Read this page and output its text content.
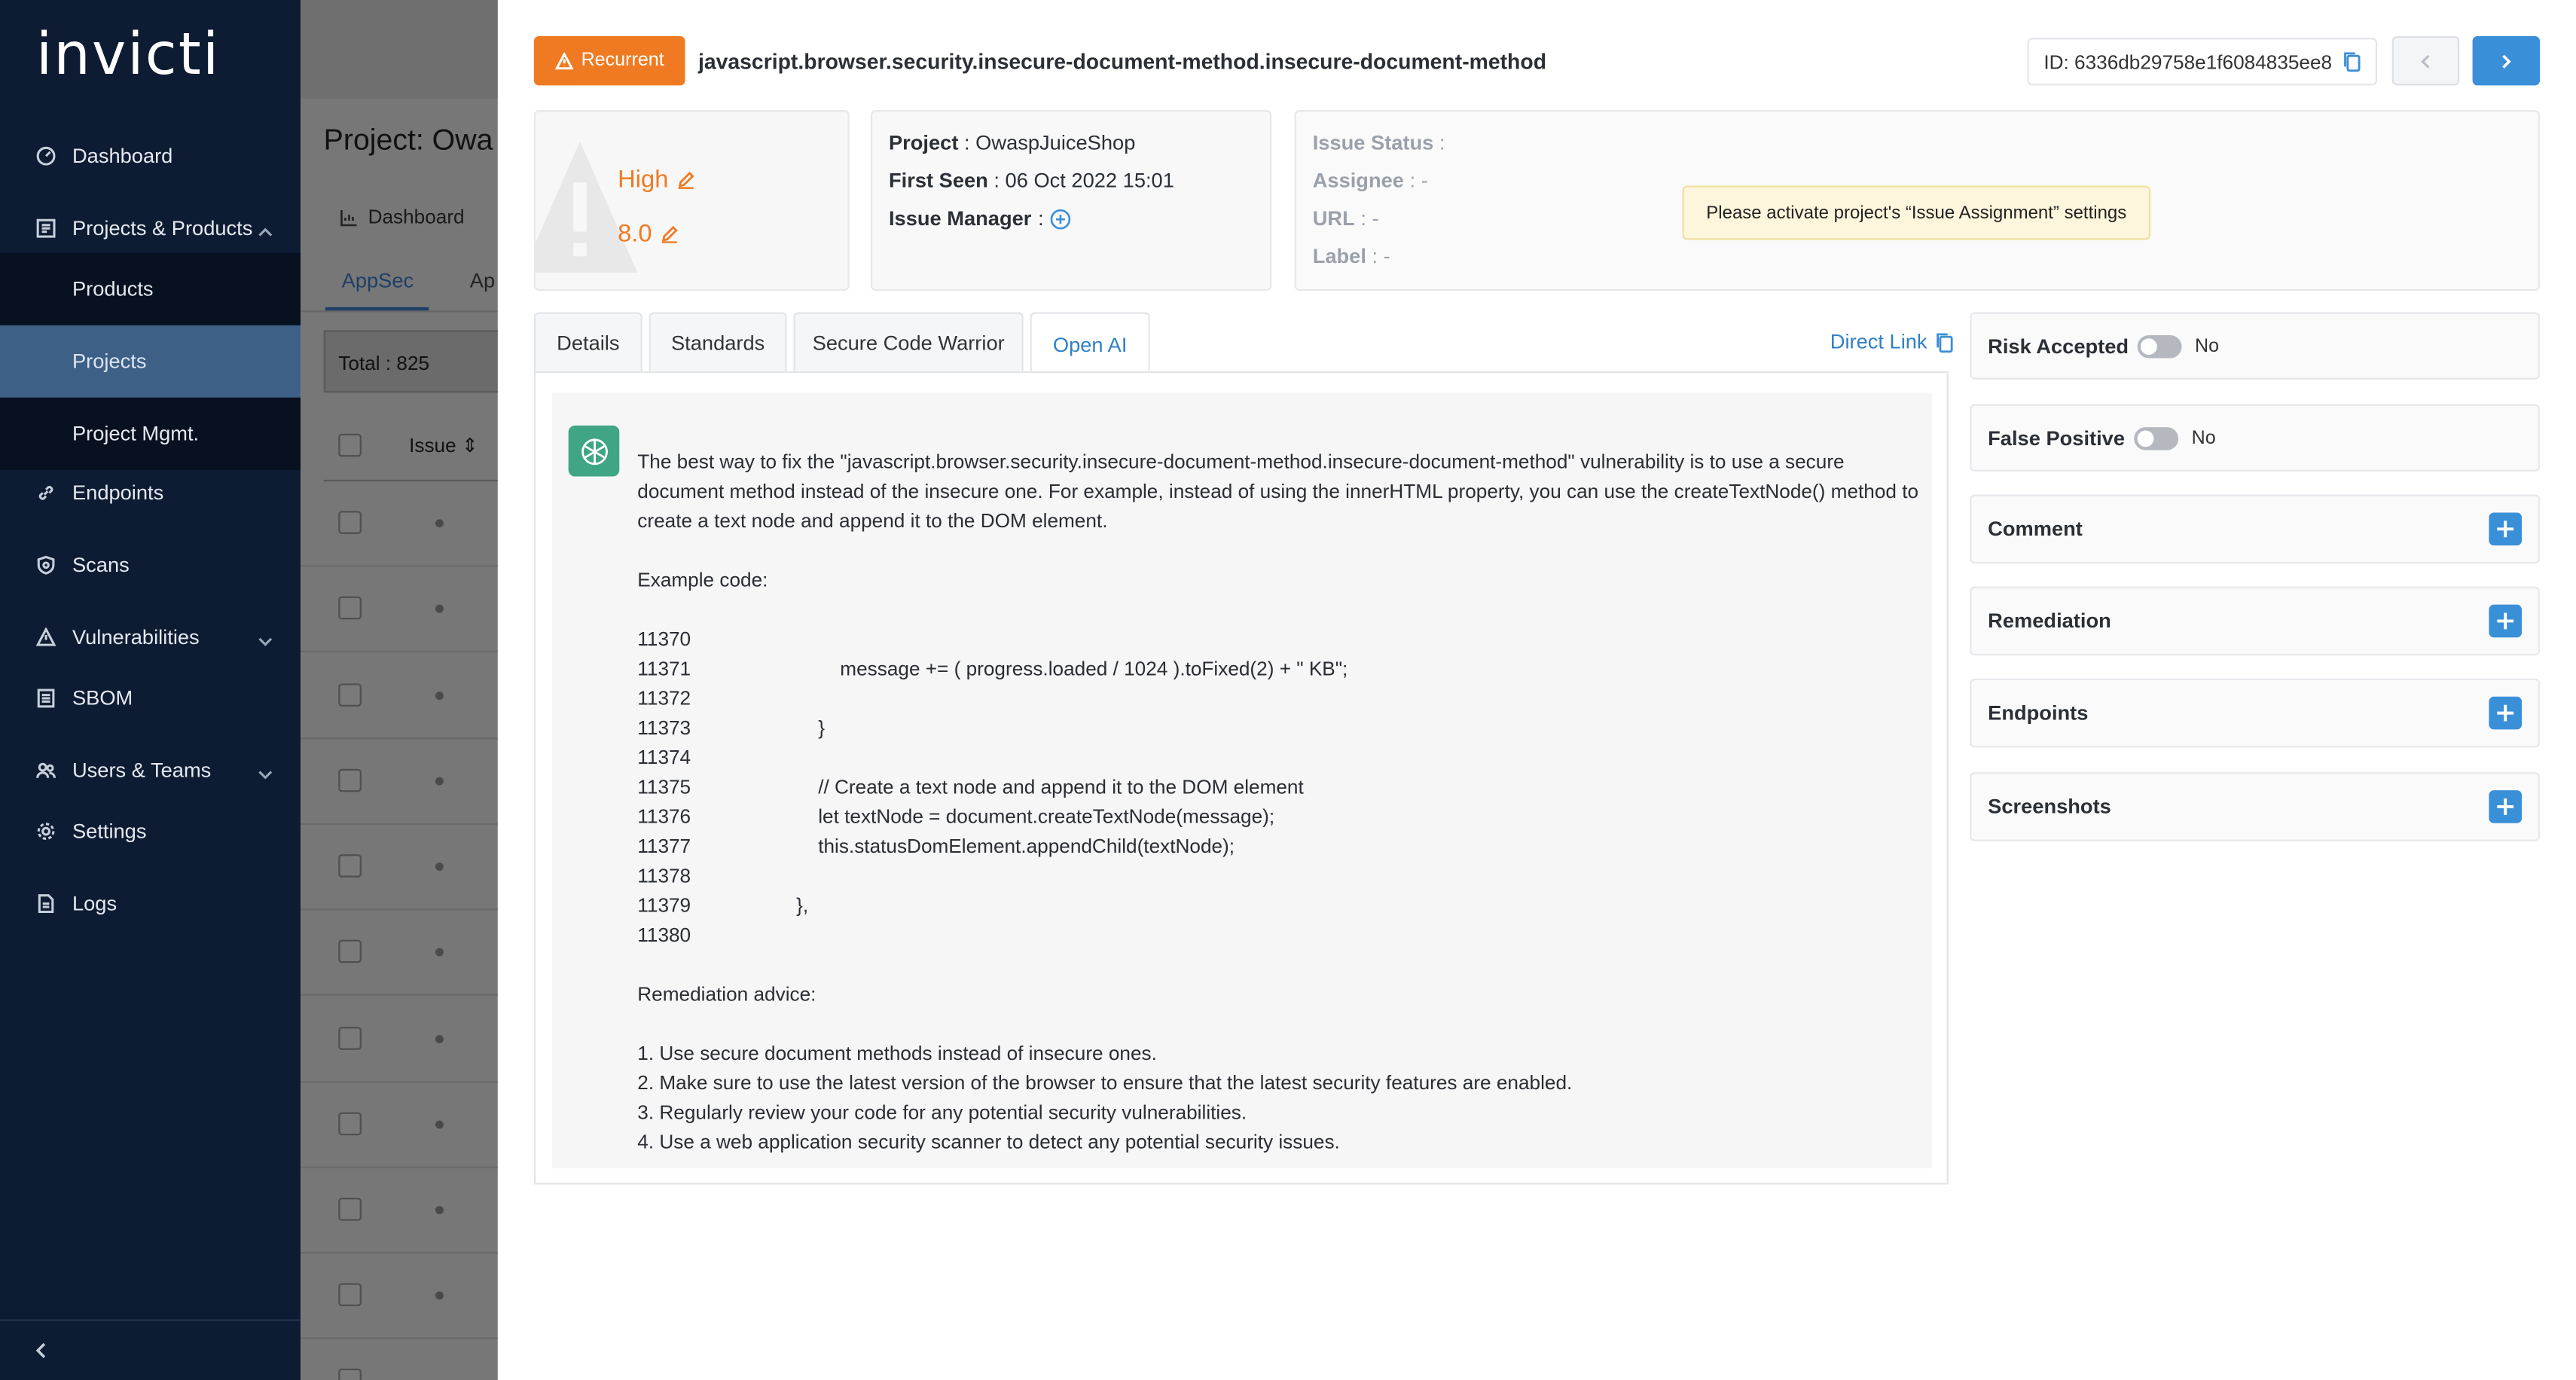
invicti
Dashboard
Projects & Products
Products
Projects
Project Mgmt.
Endpoints
Scans
Vulnerabilities
SBOM
Users & Teams
Settings
Logs
Project: Owa
Dashboard
AppSec	Ap
Total : 825
Issue ⇕
Recurrent	javascript.browser.security.insecure-document-method.insecure-document-method	ID: 6336db29758e1f6084835ee8
High
8.0
Project : OwaspJuiceShop
First Seen : 06 Oct 2022 15:01
Issue Manager :
Issue Status :
Assignee : -
URL : -
Label : -
Please activate project's “Issue Assignment” settings
Details	Standards	Secure Code Warrior	Open AI	Direct Link

The best way to fix the "javascript.browser.security.insecure-document-method.insecure-document-method" vulnerability is to use a secure

document method instead of the insecure one. For example, instead of using the innerHTML property, you can use the createTextNode() method to

create a text node and append it to the DOM element.

Example code:

11370
11371	message += ( progress.loaded / 1024 ).toFixed(2) + " KB";
11372
11373	}
11374
11375	// Create a text node and append it to the DOM element
11376	let textNode = document.createTextNode(message);
11377	this.statusDomElement.appendChild(textNode);
11378
11379	},
11380

Remediation advice:

1. Use secure document methods instead of insecure ones.

2. Make sure to use the latest version of the browser to ensure that the latest security features are enabled.

3. Regularly review your code for any potential security vulnerabilities.

4. Use a web application security scanner to detect any potential security issues.

Risk Accepted	No
False Positive	No
Comment
Remediation
Endpoints
Screenshots
